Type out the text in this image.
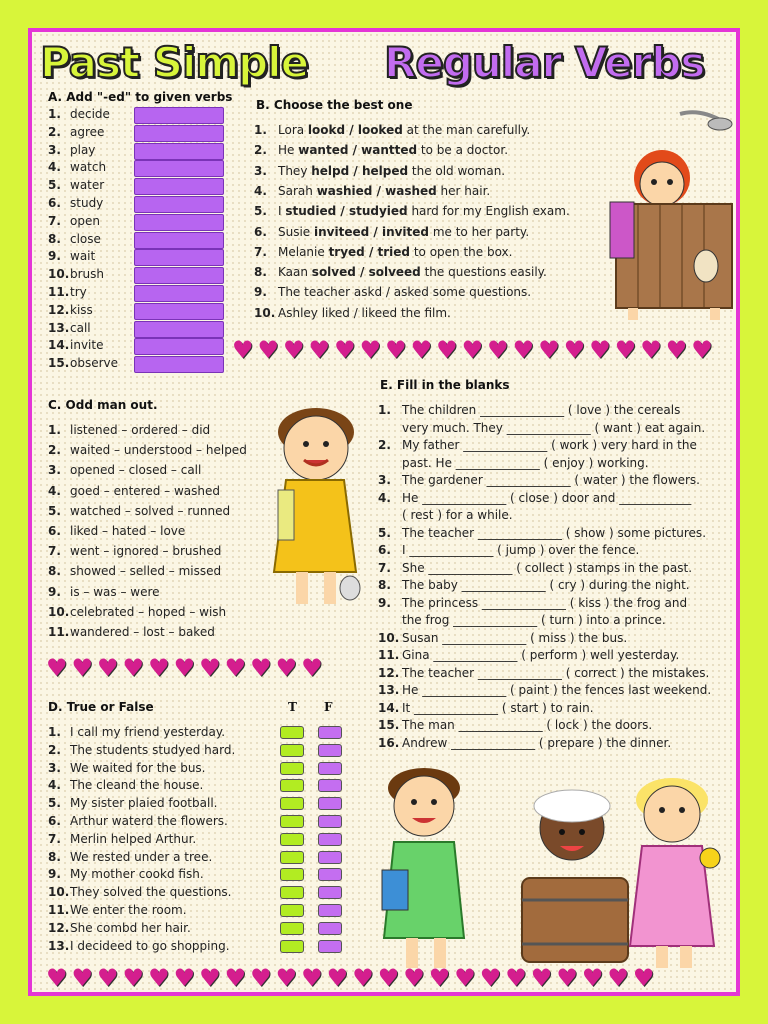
Past Simple Regular Verbs
A. Add "-ed" to given verbs
1. decide
2. agree
3. play
4. watch
5. water
6. study
7. open
8. close
9. wait
10.brush
11.try
12.kiss
13.call
14.invite
15.observe
B. Choose the best one
1. Lora lookd / looked at the man carefully.
2. He wanted / wantted to be a doctor.
3. They helpd / helped the old woman.
4. Sarah washied / washed her hair.
5. I studied / studyied hard for my English exam.
6. Susie inviteed / invited me to her party.
7. Melanie tryed / tried to open the box.
8. Kaan solved / solveed the questions easily.
9. The teacher askd / asked some questions.
10. Ashley liked / likeed the film.
♥ ♥ ♥ ♥ ♥ ♥ ♥ ♥ ♥ ♥ ♥ ♥ ♥ ♥ ♥ ♥ ♥ ♥ ♥
C. Odd man out.
1. listened – ordered – did
2. waited – understood – helped
3. opened – closed – call
4. goed – entered – washed
5. watched – solved – runned
6. liked – hated – love
7. went – ignored – brushed
8. showed – selled – missed
9. is – was – were
10.celebrated – hoped – wish
11.wandered – lost – baked
E. Fill in the blanks
1. The children ______________ ( love ) the cereals
very much. They ______________ ( want ) eat again.
2. My father ______________ ( work ) very hard in the
past. He ______________ ( enjoy ) working.
3. The gardener ______________ ( water ) the flowers.
4. He ______________ ( close ) door and ____________
( rest ) for a while.
5. The teacher ______________ ( show ) some pictures.
6. I ______________ ( jump ) over the fence.
7. She ______________ ( collect ) stamps in the past.
8. The baby ______________ ( cry ) during the night.
9. The princess ______________ ( kiss ) the frog and
the frog ______________ ( turn ) into a prince.
10. Susan ______________ ( miss ) the bus.
11. Gina ______________ ( perform ) well yesterday.
12. The teacher ______________ ( correct ) the mistakes.
13. He ______________ ( paint ) the fences last weekend.
14. It ______________ ( start ) to rain.
15. The man ______________ ( lock ) the doors.
16. Andrew ______________ ( prepare ) the dinner.
♥ ♥ ♥ ♥ ♥ ♥ ♥ ♥ ♥ ♥ ♥
D. True or False	T F
1. I call my friend yesterday.
2. The students studyed hard.
3. We waited for the bus.
4. The cleand the house.
5. My sister plaied football.
6. Arthur waterd the flowers.
7. Merlin helped Arthur.
8. We rested under a tree.
9. My mother cookd fish.
10.They solved the questions.
11.We enter the room.
12.She combd her hair.
13.I decideed to go shopping.
♥ ♥ ♥ ♥ ♥ ♥ ♥ ♥ ♥ ♥ ♥ ♥ ♥ ♥ ♥ ♥ ♥ ♥ ♥ ♥ ♥ ♥ ♥ ♥
